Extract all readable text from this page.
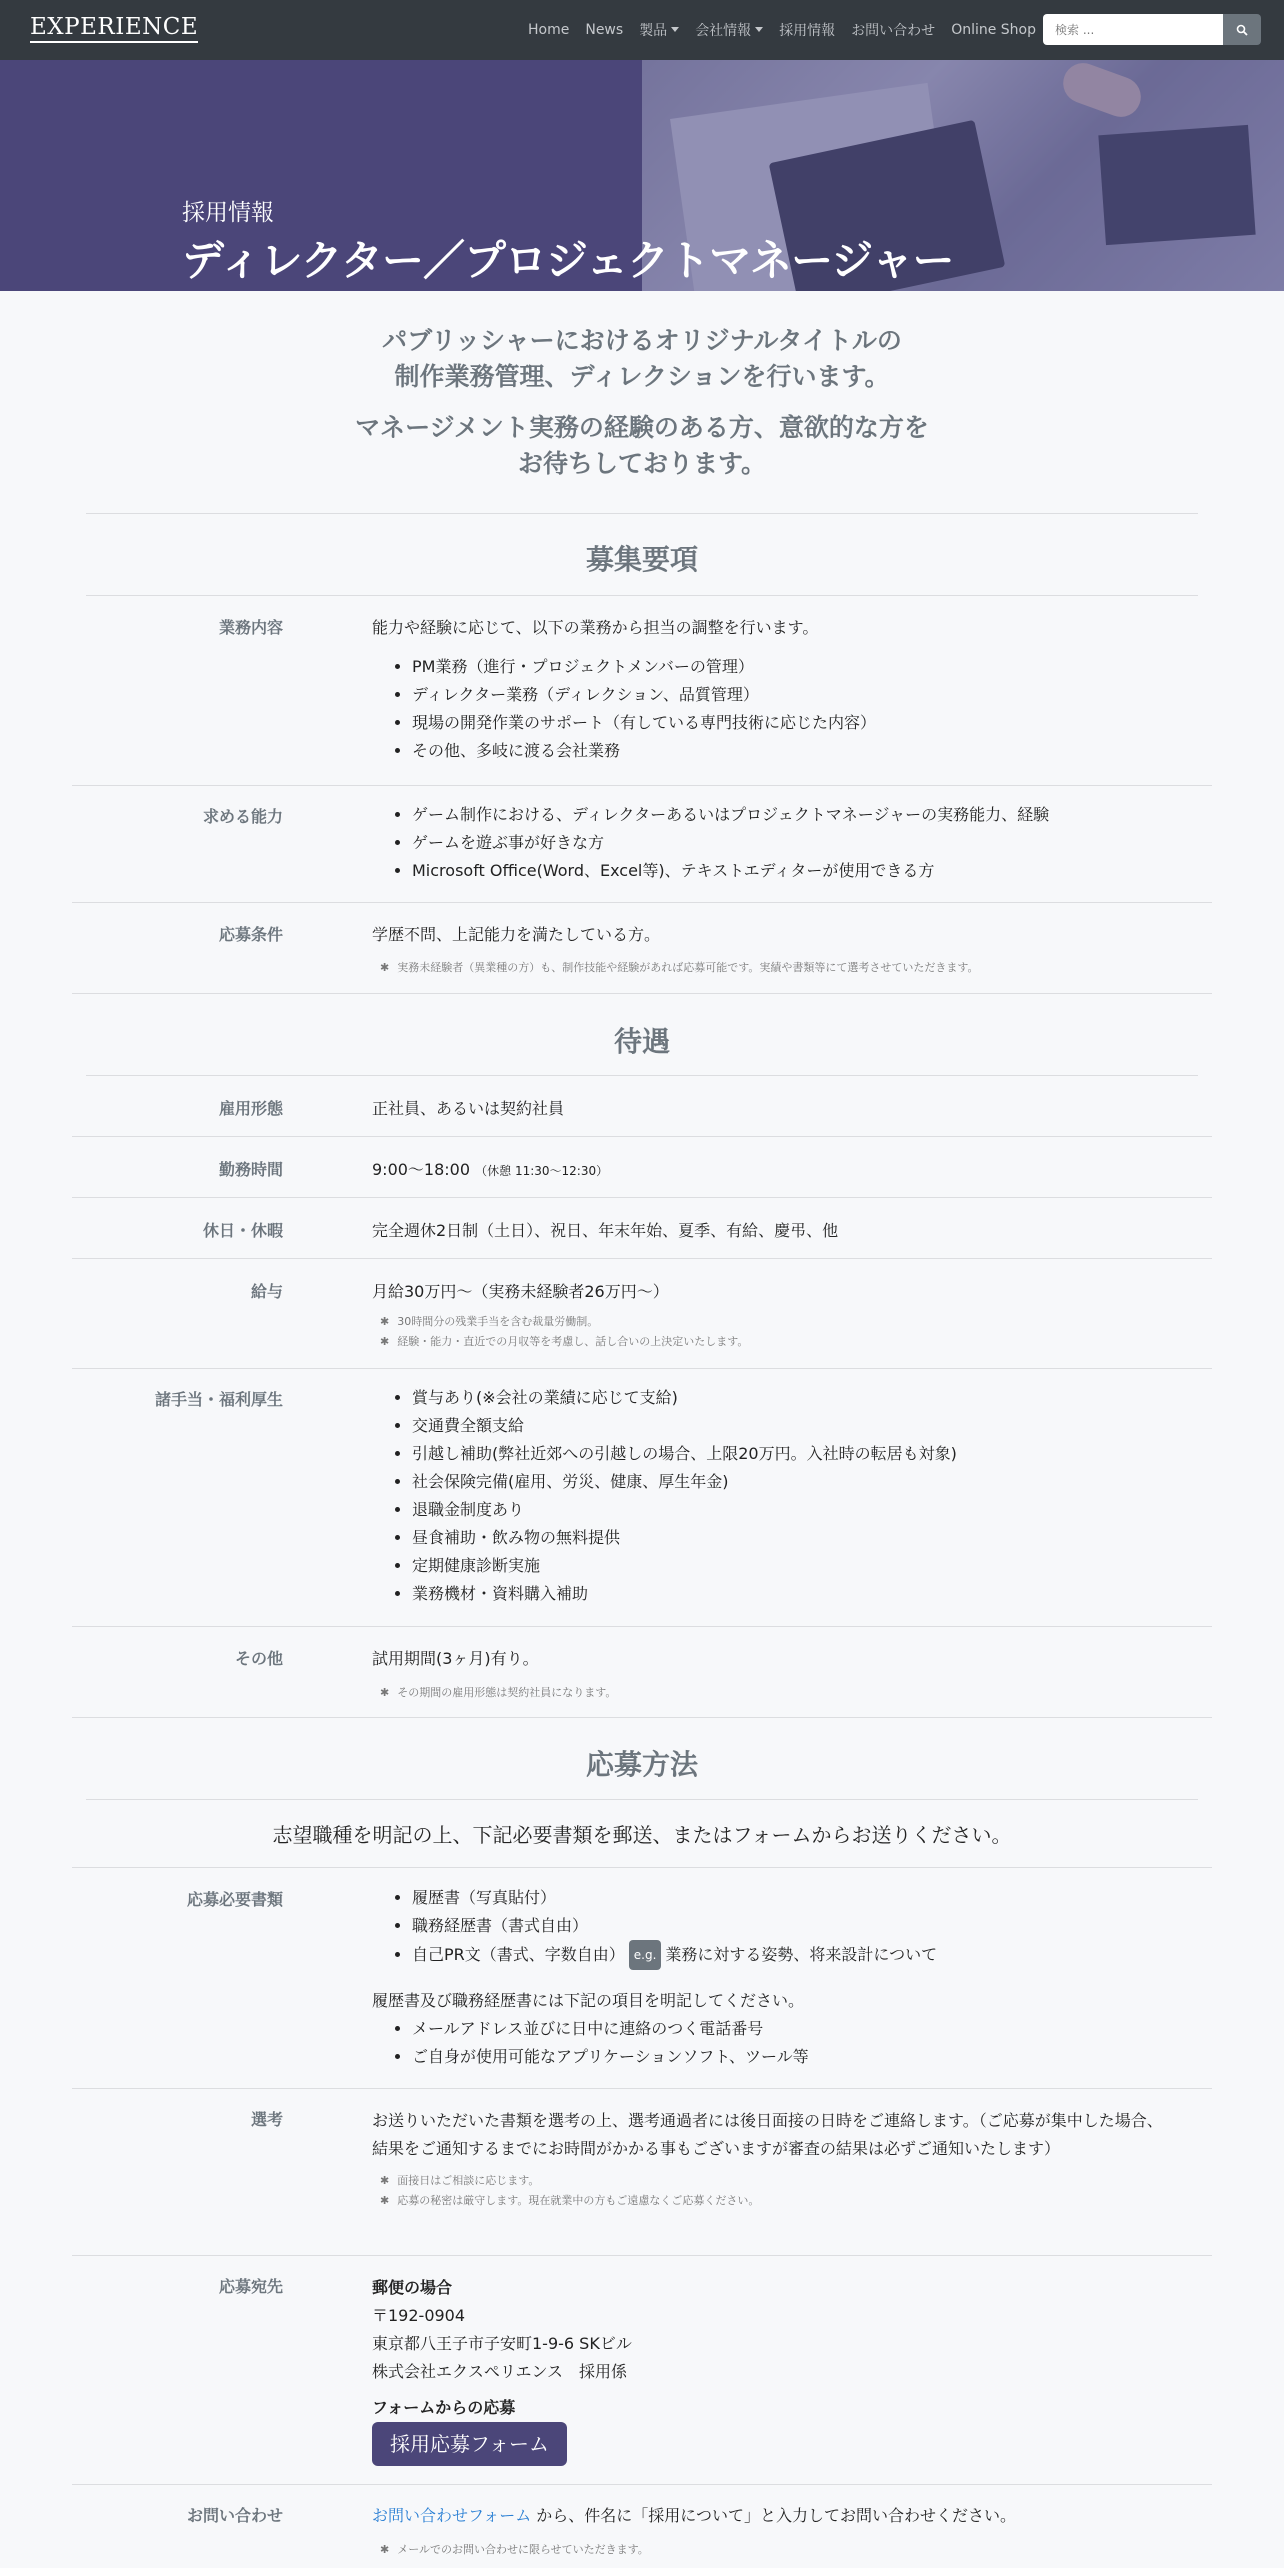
EXPERIENCE	Home News 製品	会社情報	採用情報 お問い合わせ Online Shop	検索 ...
採用情報
ディレクター／プロジェクトマネージャー
パブリッシャーにおけるオリジナルタイトルの
制作業務管理、ディレクションを行います。
マネージメント実務の経験のある方、意欲的な方を
お待ちしております。
募集要項
業務内容	能力や経験に応じて、以下の業務から担当の調整を行います。
• PM業務（進行・プロジェクトメンバーの管理）
• ディレクター業務（ディレクション、品質管理）
• 現場の開発作業のサポート（有している専門技術に応じた内容）
• その他、多岐に渡る会社業務
求める能力	• ゲーム制作における、ディレクターあるいはプロジェクトマネージャーの実務能力、経験
• ゲームを遊ぶ事が好きな方
• Microsoft Office(Word、Excel等)、テキストエディターが使用できる方
応募条件	学歴不問、上記能力を満たしている方。
✱ 実務未経験者（異業種の方）も、制作技能や経験があれば応募可能です。実績や書類等にて選考させていただきます。
待遇
雇用形態	正社員、あるいは契約社員
勤務時間	9:00～18:00 （休憩 11:30～12:30）
休日・休暇	完全週休2日制（土日）、祝日、年末年始、夏季、有給、慶弔、他
給与	月給30万円〜（実務未経験者26万円〜）
✱ 30時間分の残業手当を含む裁量労働制。
✱ 経験・能力・直近での月収等を考慮し、話し合いの上決定いたします。
諸手当・福利厚生	• 賞与あり(※会社の業績に応じて支給)
• 交通費全額支給
• 引越し補助(弊社近郊への引越しの場合、上限20万円。入社時の転居も対象)
• 社会保険完備(雇用、労災、健康、厚生年金)
• 退職金制度あり
• 昼食補助・飲み物の無料提供
• 定期健康診断実施
• 業務機材・資料購入補助
その他	試用期間(3ヶ月)有り。
✱ その期間の雇用形態は契約社員になります。
応募方法
志望職種を明記の上、下記必要書類を郵送、またはフォームからお送りください。
応募必要書類	• 履歴書（写真貼付）
• 職務経歴書（書式自由）
• 自己PR文（書式、字数自由） e.g. 業務に対する姿勢、将来設計について
履歴書及び職務経歴書には下記の項目を明記してください。
• メールアドレス並びに日中に連絡のつく電話番号
• ご自身が使用可能なアプリケーションソフト、ツール等
選考	お送りいただいた書類を選考の上、選考通過者には後日面接の日時をご連絡します。（ご応募が集中した場合、結果をご通知するまでにお時間がかかる事もございますが審査の結果は必ずご通知いたします）
✱ 面接日はご相談に応じます。
✱ 応募の秘密は厳守します。現在就業中の方もご遠慮なくご応募ください。
応募宛先	郵便の場合
〒192-0904
東京都八王子市子安町1-9-6 SKビル
株式会社エクスペリエンス　採用係
フォームからの応募
採用応募フォーム
お問い合わせ	お問い合わせフォーム から、件名に「採用について」と入力してお問い合わせください。
✱ メールでのお問い合わせに限らせていただきます。
